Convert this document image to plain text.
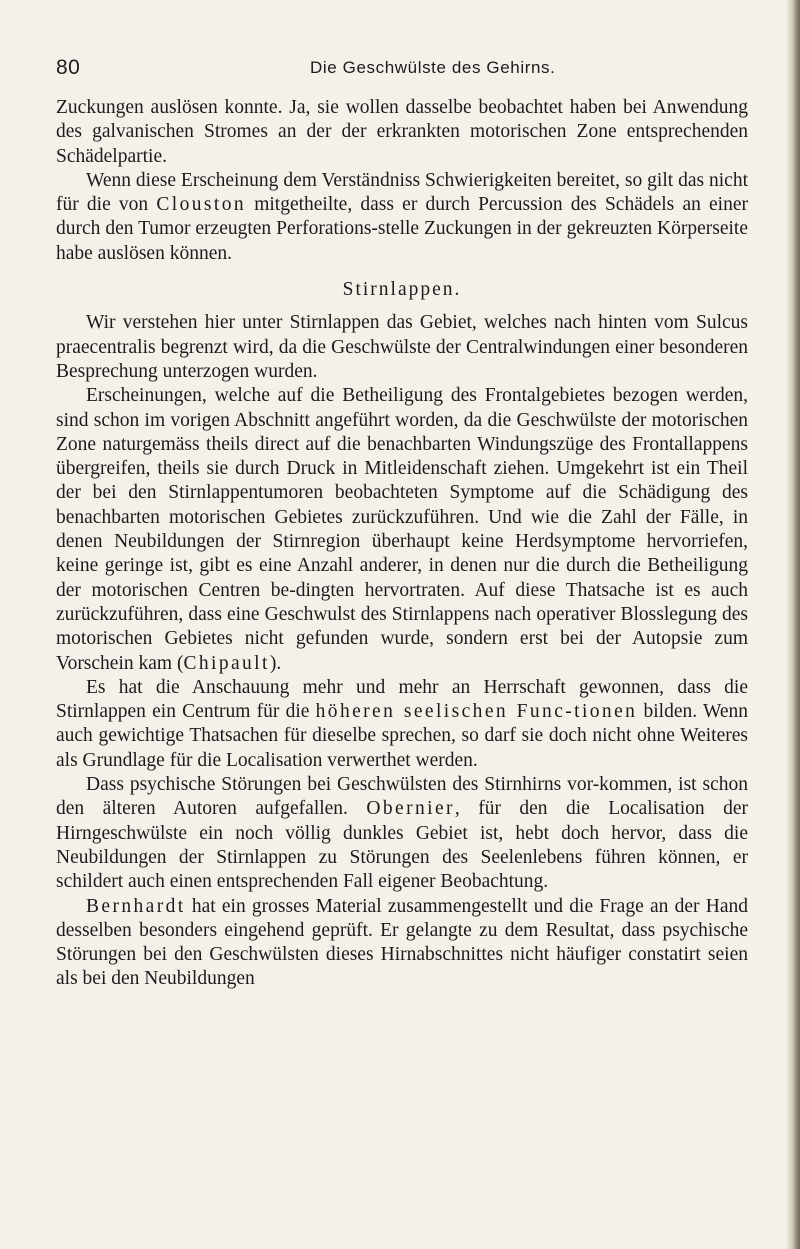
80	Die Geschwülste des Gehirns.

Zuckungen auslösen konnte. Ja, sie wollen dasselbe beobachtet haben bei Anwendung des galvanischen Stromes an der der erkrankten motorischen Zone entsprechenden Schädelpartie.

Wenn diese Erscheinung dem Verständniss Schwierigkeiten bereitet, so gilt das nicht für die von Clouston mitgetheilte, dass er durch Percussion des Schädels an einer durch den Tumor erzeugten Perforations-stelle Zuckungen in der gekreuzten Körperseite habe auslösen können.

Stirnlappen.

Wir verstehen hier unter Stirnlappen das Gebiet, welches nach hinten vom Sulcus praecentralis begrenzt wird, da die Geschwülste der Centralwindungen einer besonderen Besprechung unterzogen wurden.

Erscheinungen, welche auf die Betheiligung des Frontalgebietes bezogen werden, sind schon im vorigen Abschnitt angeführt worden, da die Geschwülste der motorischen Zone naturgemäss theils direct auf die benachbarten Windungszüge des Frontallappens übergreifen, theils sie durch Druck in Mitleidenschaft ziehen. Umgekehrt ist ein Theil der bei den Stirnlappentumoren beobachteten Symptome auf die Schädigung des benachbarten motorischen Gebietes zurückzuführen. Und wie die Zahl der Fälle, in denen Neubildungen der Stirnregion überhaupt keine Herdsymptome hervorriefen, keine geringe ist, gibt es eine Anzahl anderer, in denen nur die durch die Betheiligung der motorischen Centren be-dingten hervortraten. Auf diese Thatsache ist es auch zurückzuführen, dass eine Geschwulst des Stirnlappens nach operativer Blosslegung des motorischen Gebietes nicht gefunden wurde, sondern erst bei der Autopsie zum Vorschein kam (Chipault).

Es hat die Anschauung mehr und mehr an Herrschaft gewonnen, dass die Stirnlappen ein Centrum für die höheren seelischen Func-tionen bilden. Wenn auch gewichtige Thatsachen für dieselbe sprechen, so darf sie doch nicht ohne Weiteres als Grundlage für die Localisation verwerthet werden.

Dass psychische Störungen bei Geschwülsten des Stirnhirns vor-kommen, ist schon den älteren Autoren aufgefallen. Obernier, für den die Localisation der Hirngeschwülste ein noch völlig dunkles Gebiet ist, hebt doch hervor, dass die Neubildungen der Stirnlappen zu Störungen des Seelenlebens führen können, er schildert auch einen entsprechenden Fall eigener Beobachtung.

Bernhardt hat ein grosses Material zusammengestellt und die Frage an der Hand desselben besonders eingehend geprüft. Er gelangte zu dem Resultat, dass psychische Störungen bei den Geschwülsten dieses Hirnabschnittes nicht häufiger constatirt seien als bei den Neubildungen
